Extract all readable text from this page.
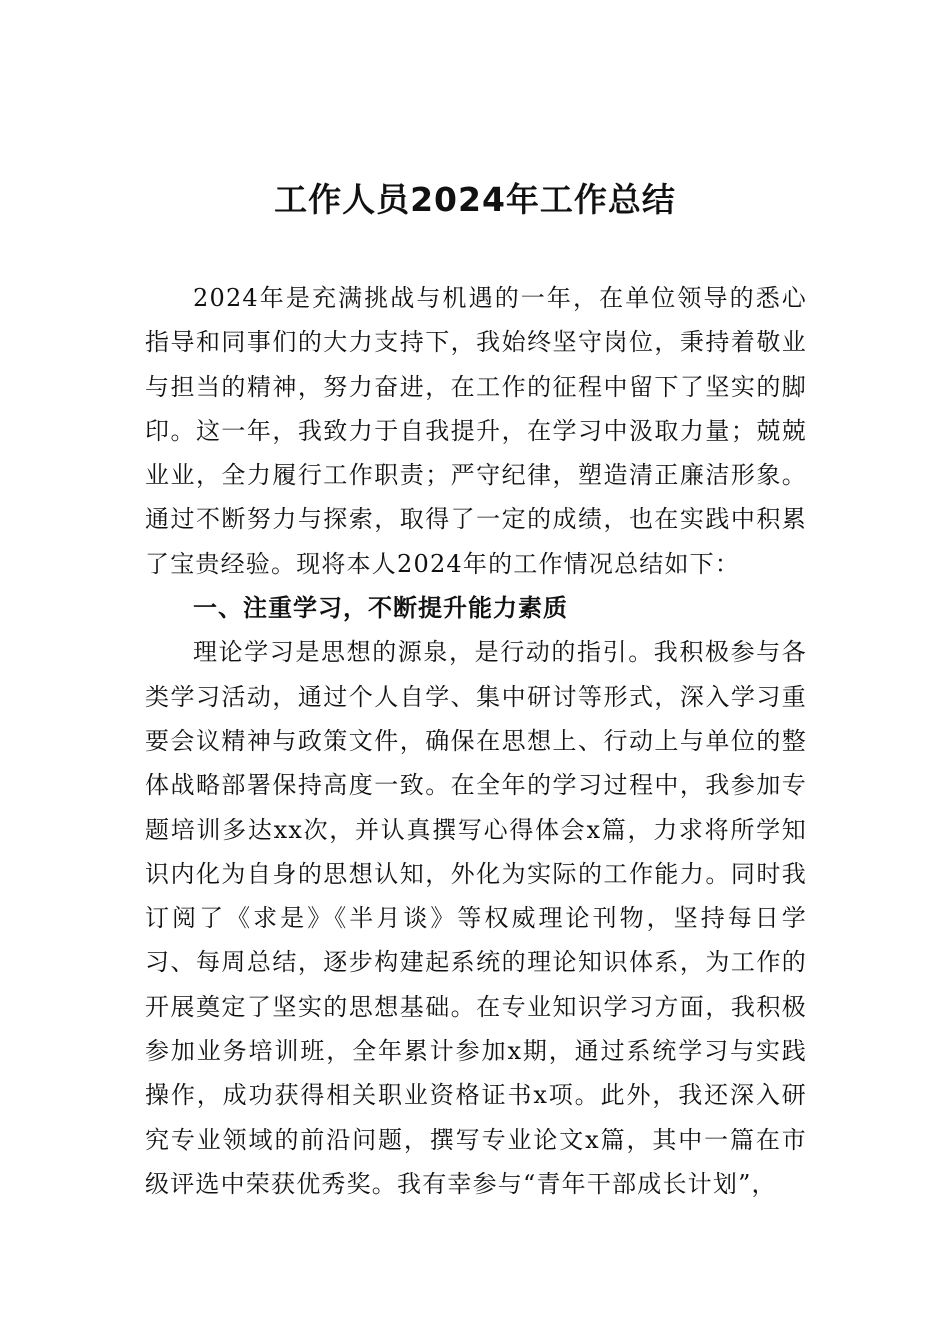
工作人员2024年工作总结

2024年是充满挑战与机遇的一年，在单位领导的悉心指导和同事们的大力支持下，我始终坚守岗位，秉持着敬业与担当的精神，努力奋进，在工作的征程中留下了坚实的脚印。这一年，我致力于自我提升，在学习中汲取力量；兢兢业业，全力履行工作职责；严守纪律，塑造清正廉洁形象。通过不断努力与探索，取得了一定的成绩，也在实践中积累了宝贵经验。现将本人2024年的工作情况总结如下：

一、注重学习，不断提升能力素质

理论学习是思想的源泉，是行动的指引。我积极参与各类学习活动，通过个人自学、集中研讨等形式，深入学习重要会议精神与政策文件，确保在思想上、行动上与单位的整体战略部署保持高度一致。在全年的学习过程中，我参加专题培训多达xx次，并认真撰写心得体会x篇，力求将所学知识内化为自身的思想认知，外化为实际的工作能力。同时我订阅了《求是》《半月谈》等权威理论刊物，坚持每日学习、每周总结，逐步构建起系统的理论知识体系，为工作的开展奠定了坚实的思想基础。在专业知识学习方面，我积极参加业务培训班，全年累计参加x期，通过系统学习与实践操作，成功获得相关职业资格证书x项。此外，我还深入研究专业领域的前沿问题，撰写专业论文x篇，其中一篇在市级评选中荣获优秀奖。我有幸参与“青年干部成长计划”，
